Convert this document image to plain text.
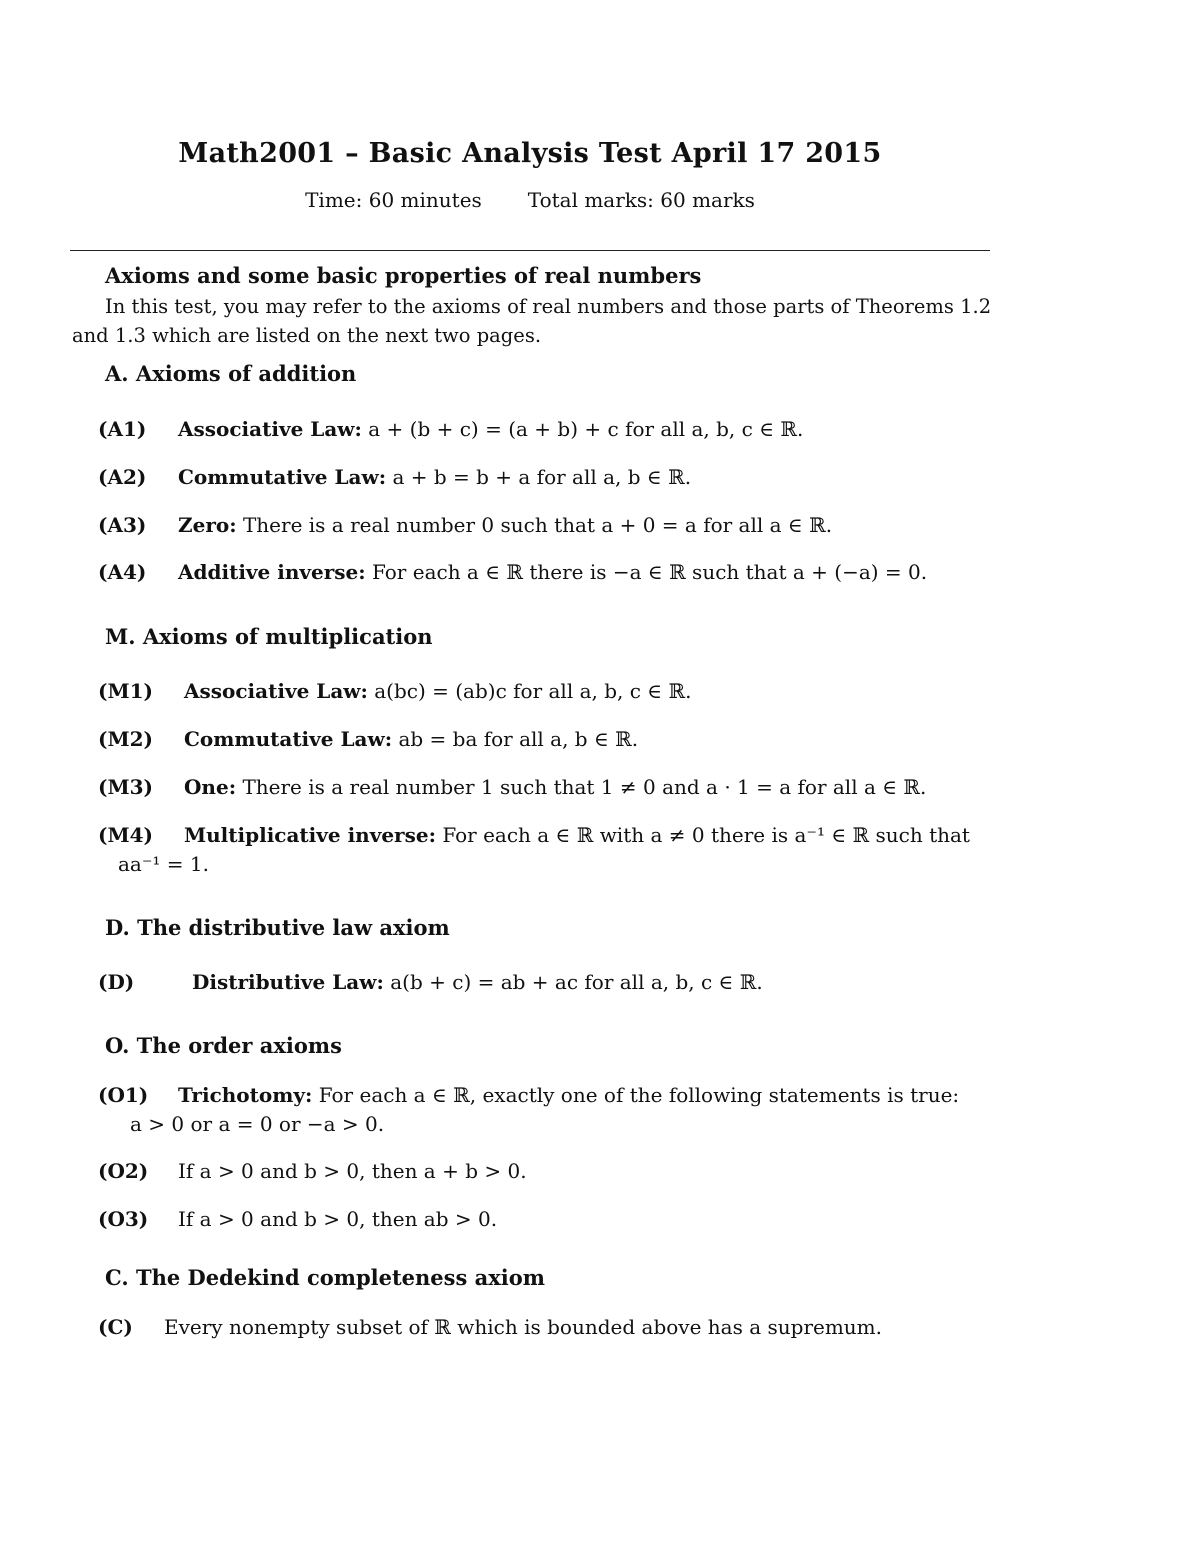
Math2001 – Basic Analysis Test April 17 2015
Time: 60 minutes Total marks: 60 marks
Axioms and some basic properties of real numbers
In this test, you may refer to the axioms of real numbers and those parts of Theorems 1.2 and 1.3 which are listed on the next two pages.
A. Axioms of addition
(A1) Associative Law: a + (b + c) = (a + b) + c for all a, b, c ∈ ℝ.
(A2) Commutative Law: a + b = b + a for all a, b ∈ ℝ.
(A3) Zero: There is a real number 0 such that a + 0 = a for all a ∈ ℝ.
(A4) Additive inverse: For each a ∈ ℝ there is −a ∈ ℝ such that a + (−a) = 0.
M. Axioms of multiplication
(M1) Associative Law: a(bc) = (ab)c for all a, b, c ∈ ℝ.
(M2) Commutative Law: ab = ba for all a, b ∈ ℝ.
(M3) One: There is a real number 1 such that 1 ≠ 0 and a · 1 = a for all a ∈ ℝ.
(M4) Multiplicative inverse: For each a ∈ ℝ with a ≠ 0 there is a⁻¹ ∈ ℝ such that
aa⁻¹ = 1.
D. The distributive law axiom
(D)	Distributive Law: a(b + c) = ab + ac for all a, b, c ∈ ℝ.
O. The order axioms
(O1) Trichotomy: For each a ∈ ℝ, exactly one of the following statements is true:
a > 0 or a = 0 or −a > 0.
(O2) If a > 0 and b > 0, then a + b > 0.
(O3) If a > 0 and b > 0, then ab > 0.
C. The Dedekind completeness axiom
(C) Every nonempty subset of ℝ which is bounded above has a supremum.
